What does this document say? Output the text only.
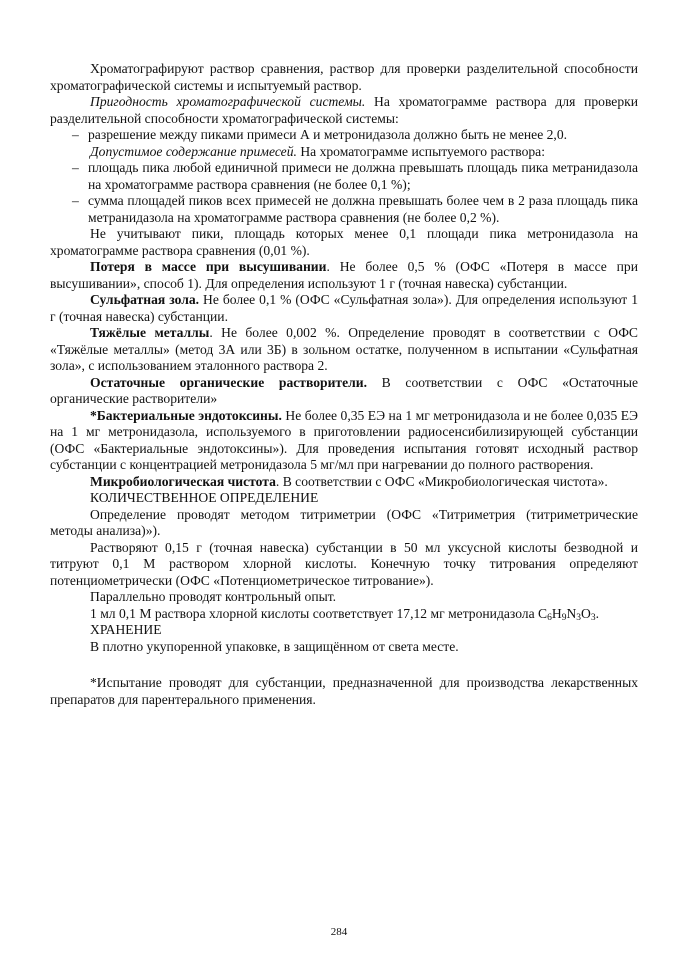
Хроматографируют раствор сравнения, раствор для проверки разделительной способности хроматографической системы и испытуемый раствор.

Пригодность хроматографической системы. На хроматограмме раствора для проверки разделительной способности хроматографической системы:

– разрешение между пиками примеси А и метронидазола должно быть не менее 2,0.

Допустимое содержание примесей. На хроматограмме испытуемого раствора:

– площадь пика любой единичной примеси не должна превышать площадь пика метранидазола на хроматограмме раствора сравнения (не более 0,1 %);
– сумма площадей пиков всех примесей не должна превышать более чем в 2 раза площадь пика метранидазола на хроматограмме раствора сравнения (не более 0,2 %).

Не учитывают пики, площадь которых менее 0,1 площади пика метронидазола на хроматограмме раствора сравнения (0,01 %).

Потеря в массе при высушивании. Не более 0,5 % (ОФС «Потеря в массе при высушивании», способ 1). Для определения используют 1 г (точная навеска) субстанции.

Сульфатная зола. Не более 0,1 % (ОФС «Сульфатная зола»). Для определения используют 1 г (точная навеска) субстанции.

Тяжёлые металлы. Не более 0,002 %. Определение проводят в соответствии с ОФС «Тяжёлые металлы» (метод 3А или 3Б) в зольном остатке, полученном в испытании «Сульфатная зола», с использованием эталонного раствора 2.

Остаточные органические растворители. В соответствии с ОФС «Остаточные органические растворители»

*Бактериальные эндотоксины. Не более 0,35 ЕЭ на 1 мг метронидазола и не более 0,035 ЕЭ на 1 мг метронидазола, используемого в приготовлении радиосенсибилизирующей субстанции (ОФС «Бактериальные эндотоксины»). Для проведения испытания готовят исходный раствор субстанции с концентрацией метронидазола 5 мг/мл при нагревании до полного растворения.

Микробиологическая чистота. В соответствии с ОФС «Микробиологическая чистота».

КОЛИЧЕСТВЕННОЕ ОПРЕДЕЛЕНИЕ

Определение проводят методом титриметрии (ОФС «Титриметрия (титриметрические методы анализа)»).

Растворяют 0,15 г (точная навеска) субстанции в 50 мл уксусной кислоты безводной и титруют 0,1 М раствором хлорной кислоты. Конечную точку титрования определяют потенциометрически (ОФС «Потенциометрическое титрование»).

Параллельно проводят контрольный опыт.

1 мл 0,1 М раствора хлорной кислоты соответствует 17,12 мг метронидазола $C_6H_9N_3O_3$.

ХРАНЕНИЕ

В плотно укупоренной упаковке, в защищённом от света месте.

*Испытание проводят для субстанции, предназначенной для производства лекарственных препаратов для парентерального применения.

284
